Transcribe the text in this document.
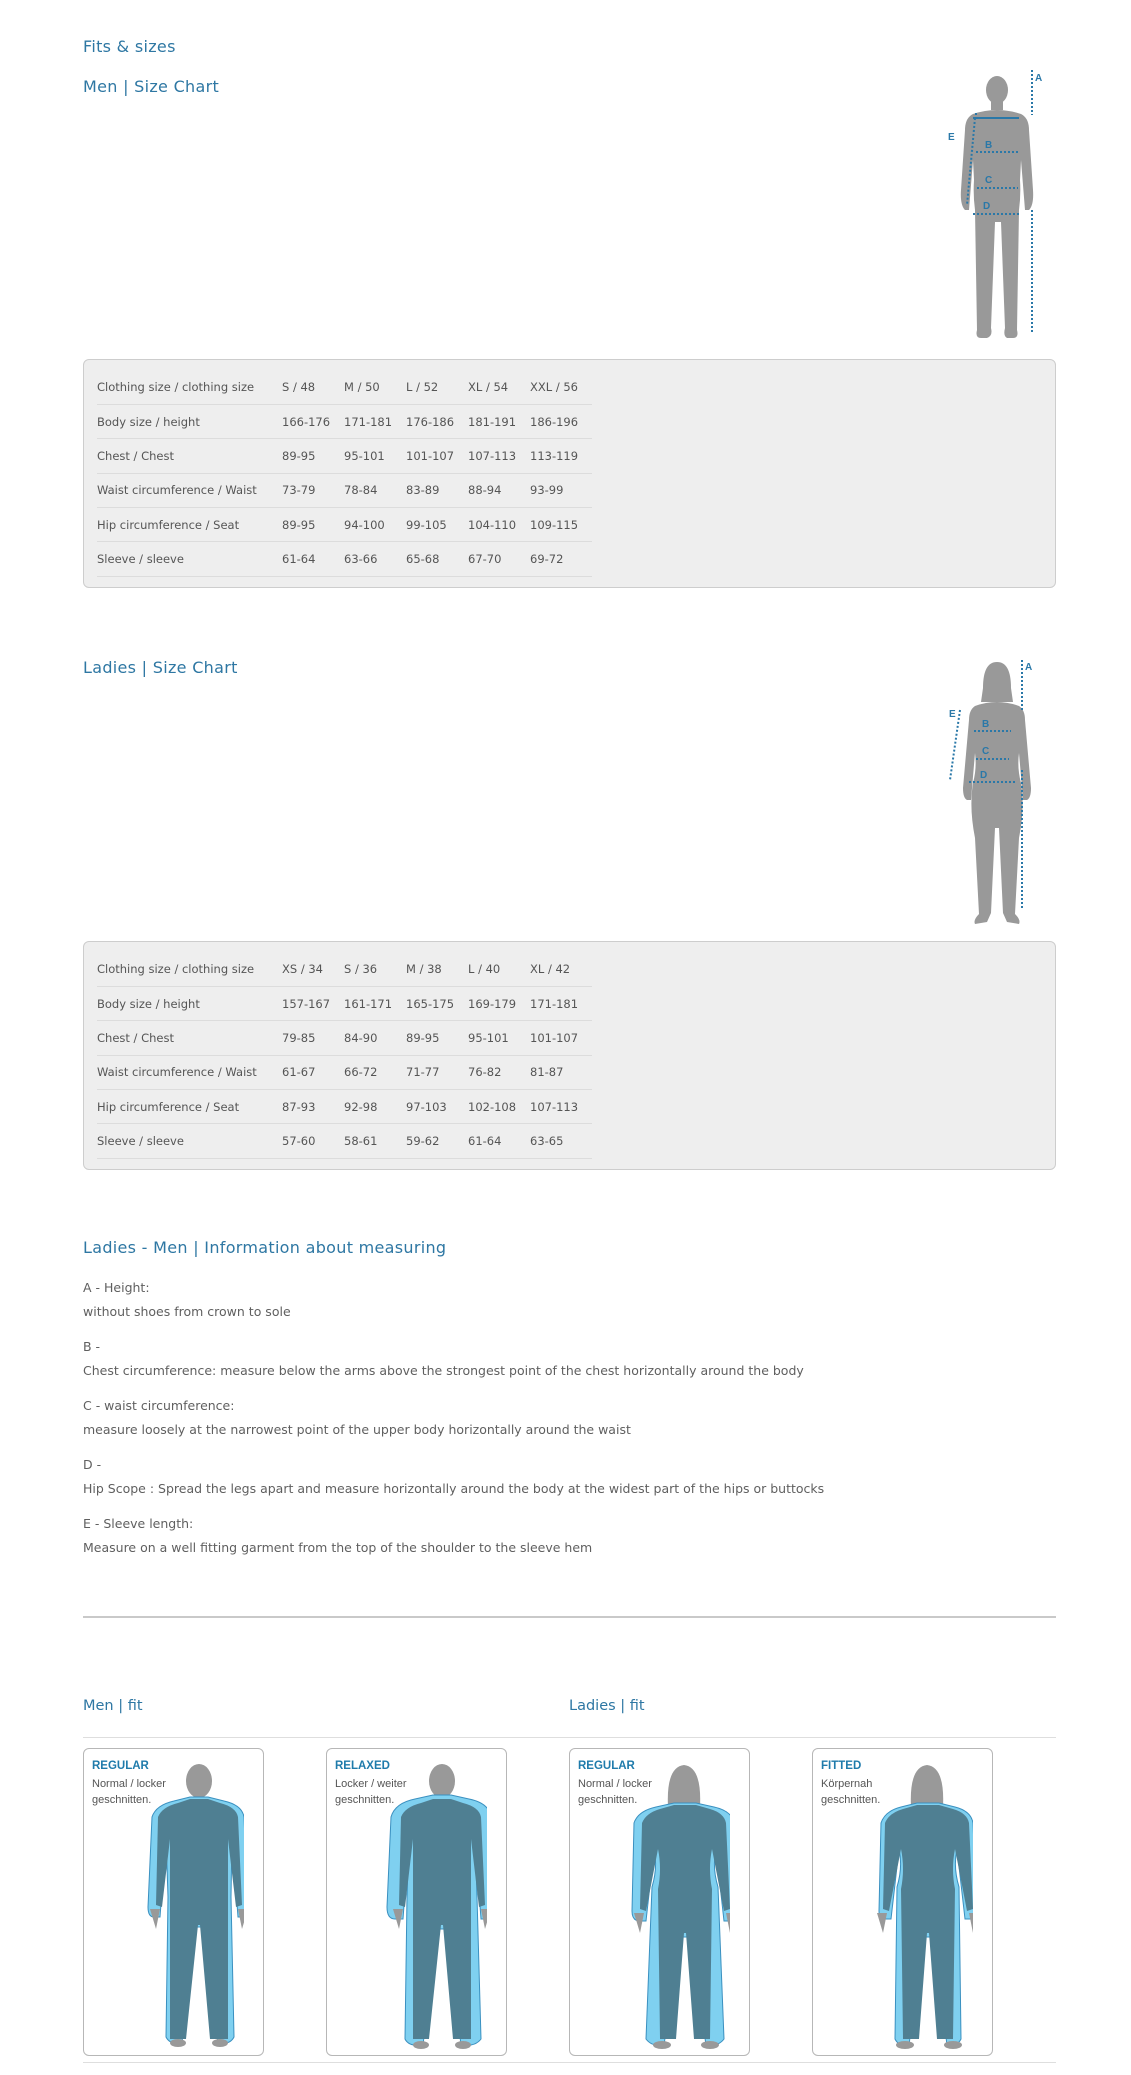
Fits & sizes
Men | Size Chart	A
B
C
D
E
Clothing size / clothing size	S / 48	M / 50	L / 52	XL / 54	XXL / 56
Body size / height	166-176	171-181	176-186	181-191	186-196
Chest / Chest	89-95	95-101	101-107	107-113	113-119
Waist circumference / Waist	73-79	78-84	83-89	88-94	93-99
Hip circumference / Seat	89-95	94-100	99-105	104-110	109-115
Sleeve / sleeve	61-64	63-66	65-68	67-70	69-72
Ladies | Size Chart	A
B
C
D
E
Clothing size / clothing size	XS / 34	S / 36	M / 38	L / 40	XL / 42
Body size / height	157-167	161-171	165-175	169-179	171-181
Chest / Chest	79-85	84-90	89-95	95-101	101-107
Waist circumference / Waist	61-67	66-72	71-77	76-82	81-87
Hip circumference / Seat	87-93	92-98	97-103	102-108	107-113
Sleeve / sleeve	57-60	58-61	59-62	61-64	63-65
Ladies - Men | Information about measuring
A - Height:
without shoes from crown to sole
B -
Chest circumference: measure below the arms above the strongest point of the chest horizontally around the body
C - waist circumference:
measure loosely at the narrowest point of the upper body horizontally around the waist
D -
Hip Scope : Spread the legs apart and measure horizontally around the body at the widest part of the hips or buttocks
E - Sleeve length:
Measure on a well fitting garment from the top of the shoulder to the sleeve hem
Men | fit	Ladies | fit
REGULAR
Normal / locker
geschnitten.
RELAXED
Locker / weiter
geschnitten.
REGULAR
Normal / locker
geschnitten.
FITTED
Körpernah
geschnitten.
